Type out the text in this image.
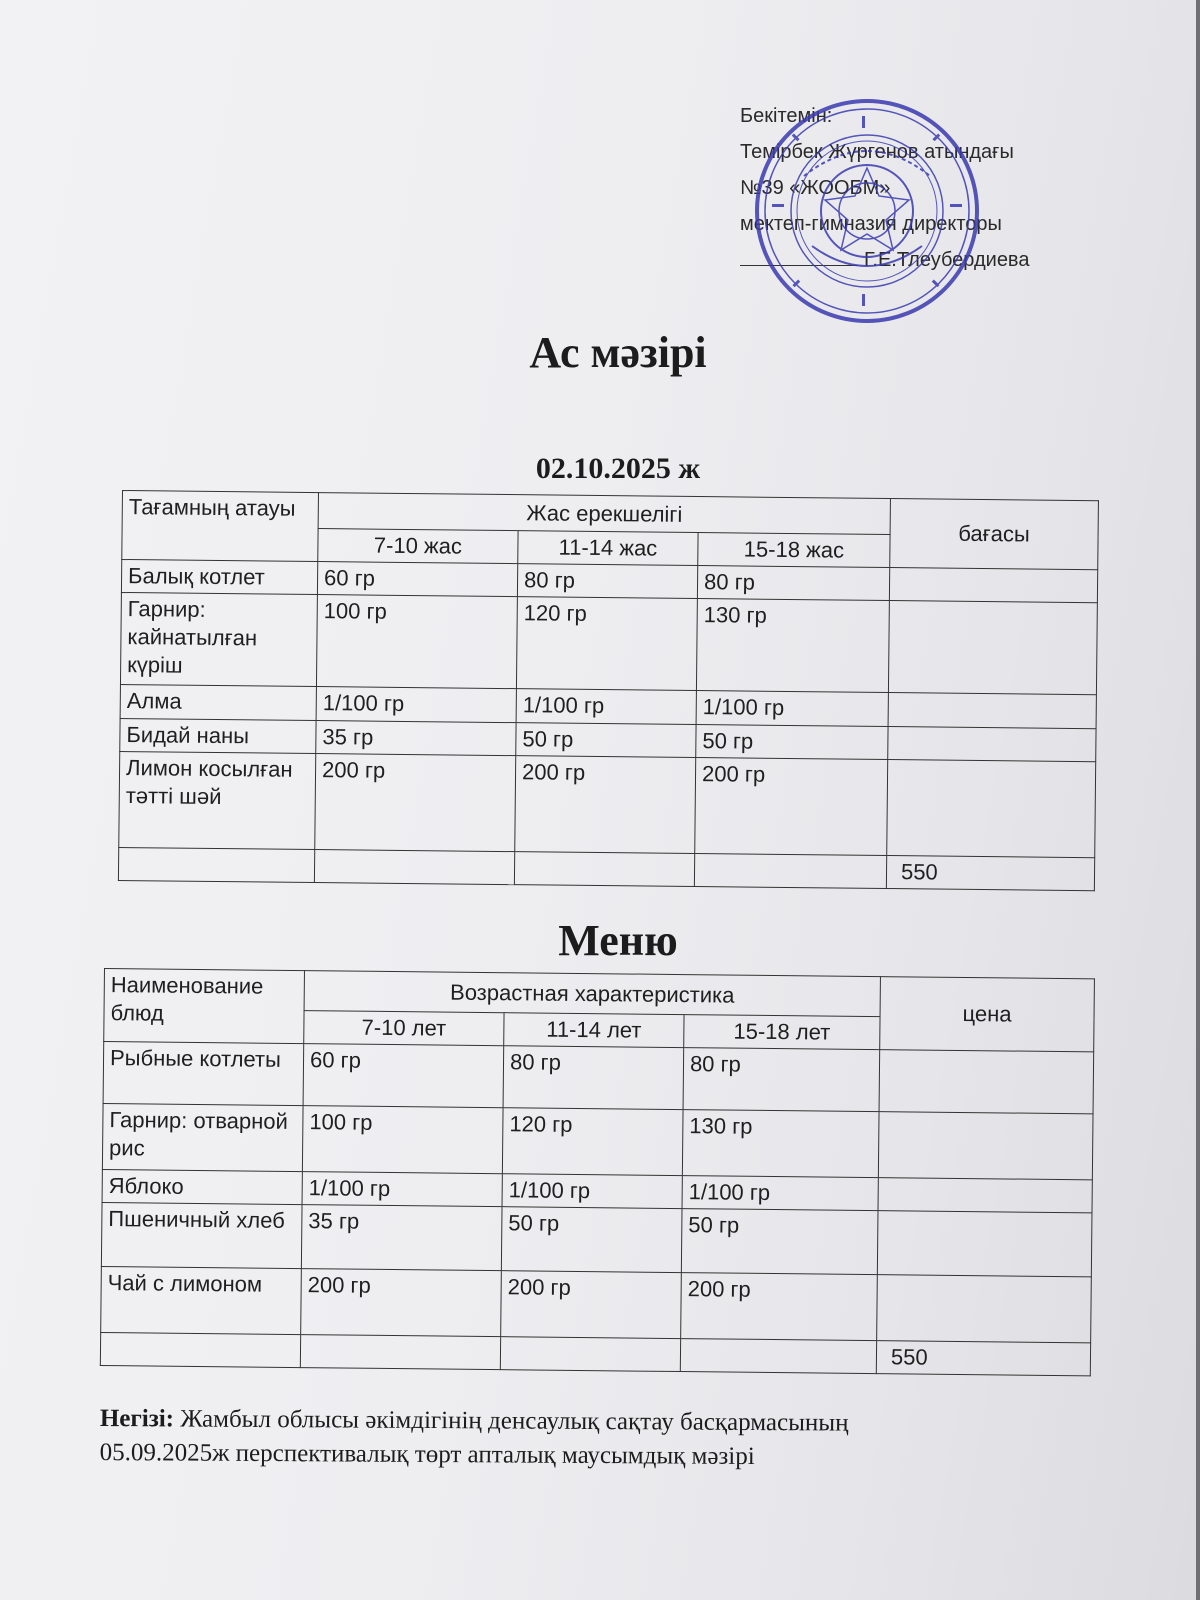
Бекітемін:
Темірбек Жүргенов атындағы
№39 «ЖООБМ»
мектеп-гимназия директоры
Г.Е.Тлеубердиева
Ас мәзірі
02.10.2025 ж
Тағамның атауы	Жас ерекшелігі			бағасы
	7-10 жас	11-14 жас	15-18 жас	
Балық котлет	60 гр	80 гр	80 гр	
Гарнир: кайнатылған күріш	100 гр	120 гр	130 гр	
Алма	1/100 гр	1/100 гр	1/100 гр	
Бидай наны	35 гр	50 гр	50 гр	
Лимон косылған тәтті шәй	200 гр	200 гр	200 гр	
				550
Меню
Наименование блюд	Возрастная характеристика			цена
	7-10 лет	11-14 лет	15-18 лет	
Рыбные котлеты	60 гр	80 гр	80 гр	
Гарнир: отварной рис	100 гр	120 гр	130 гр	
Яблоко	1/100 гр	1/100 гр	1/100 гр	
Пшеничный хлеб	35 гр	50 гр	50 гр	
Чай с лимоном	200 гр	200 гр	200 гр	
				550
Негізі: Жамбыл облысы әкімдігінің денсаулық сақтау басқармасының
05.09.2025ж перспективалық төрт апталық маусымдық мәзірі
